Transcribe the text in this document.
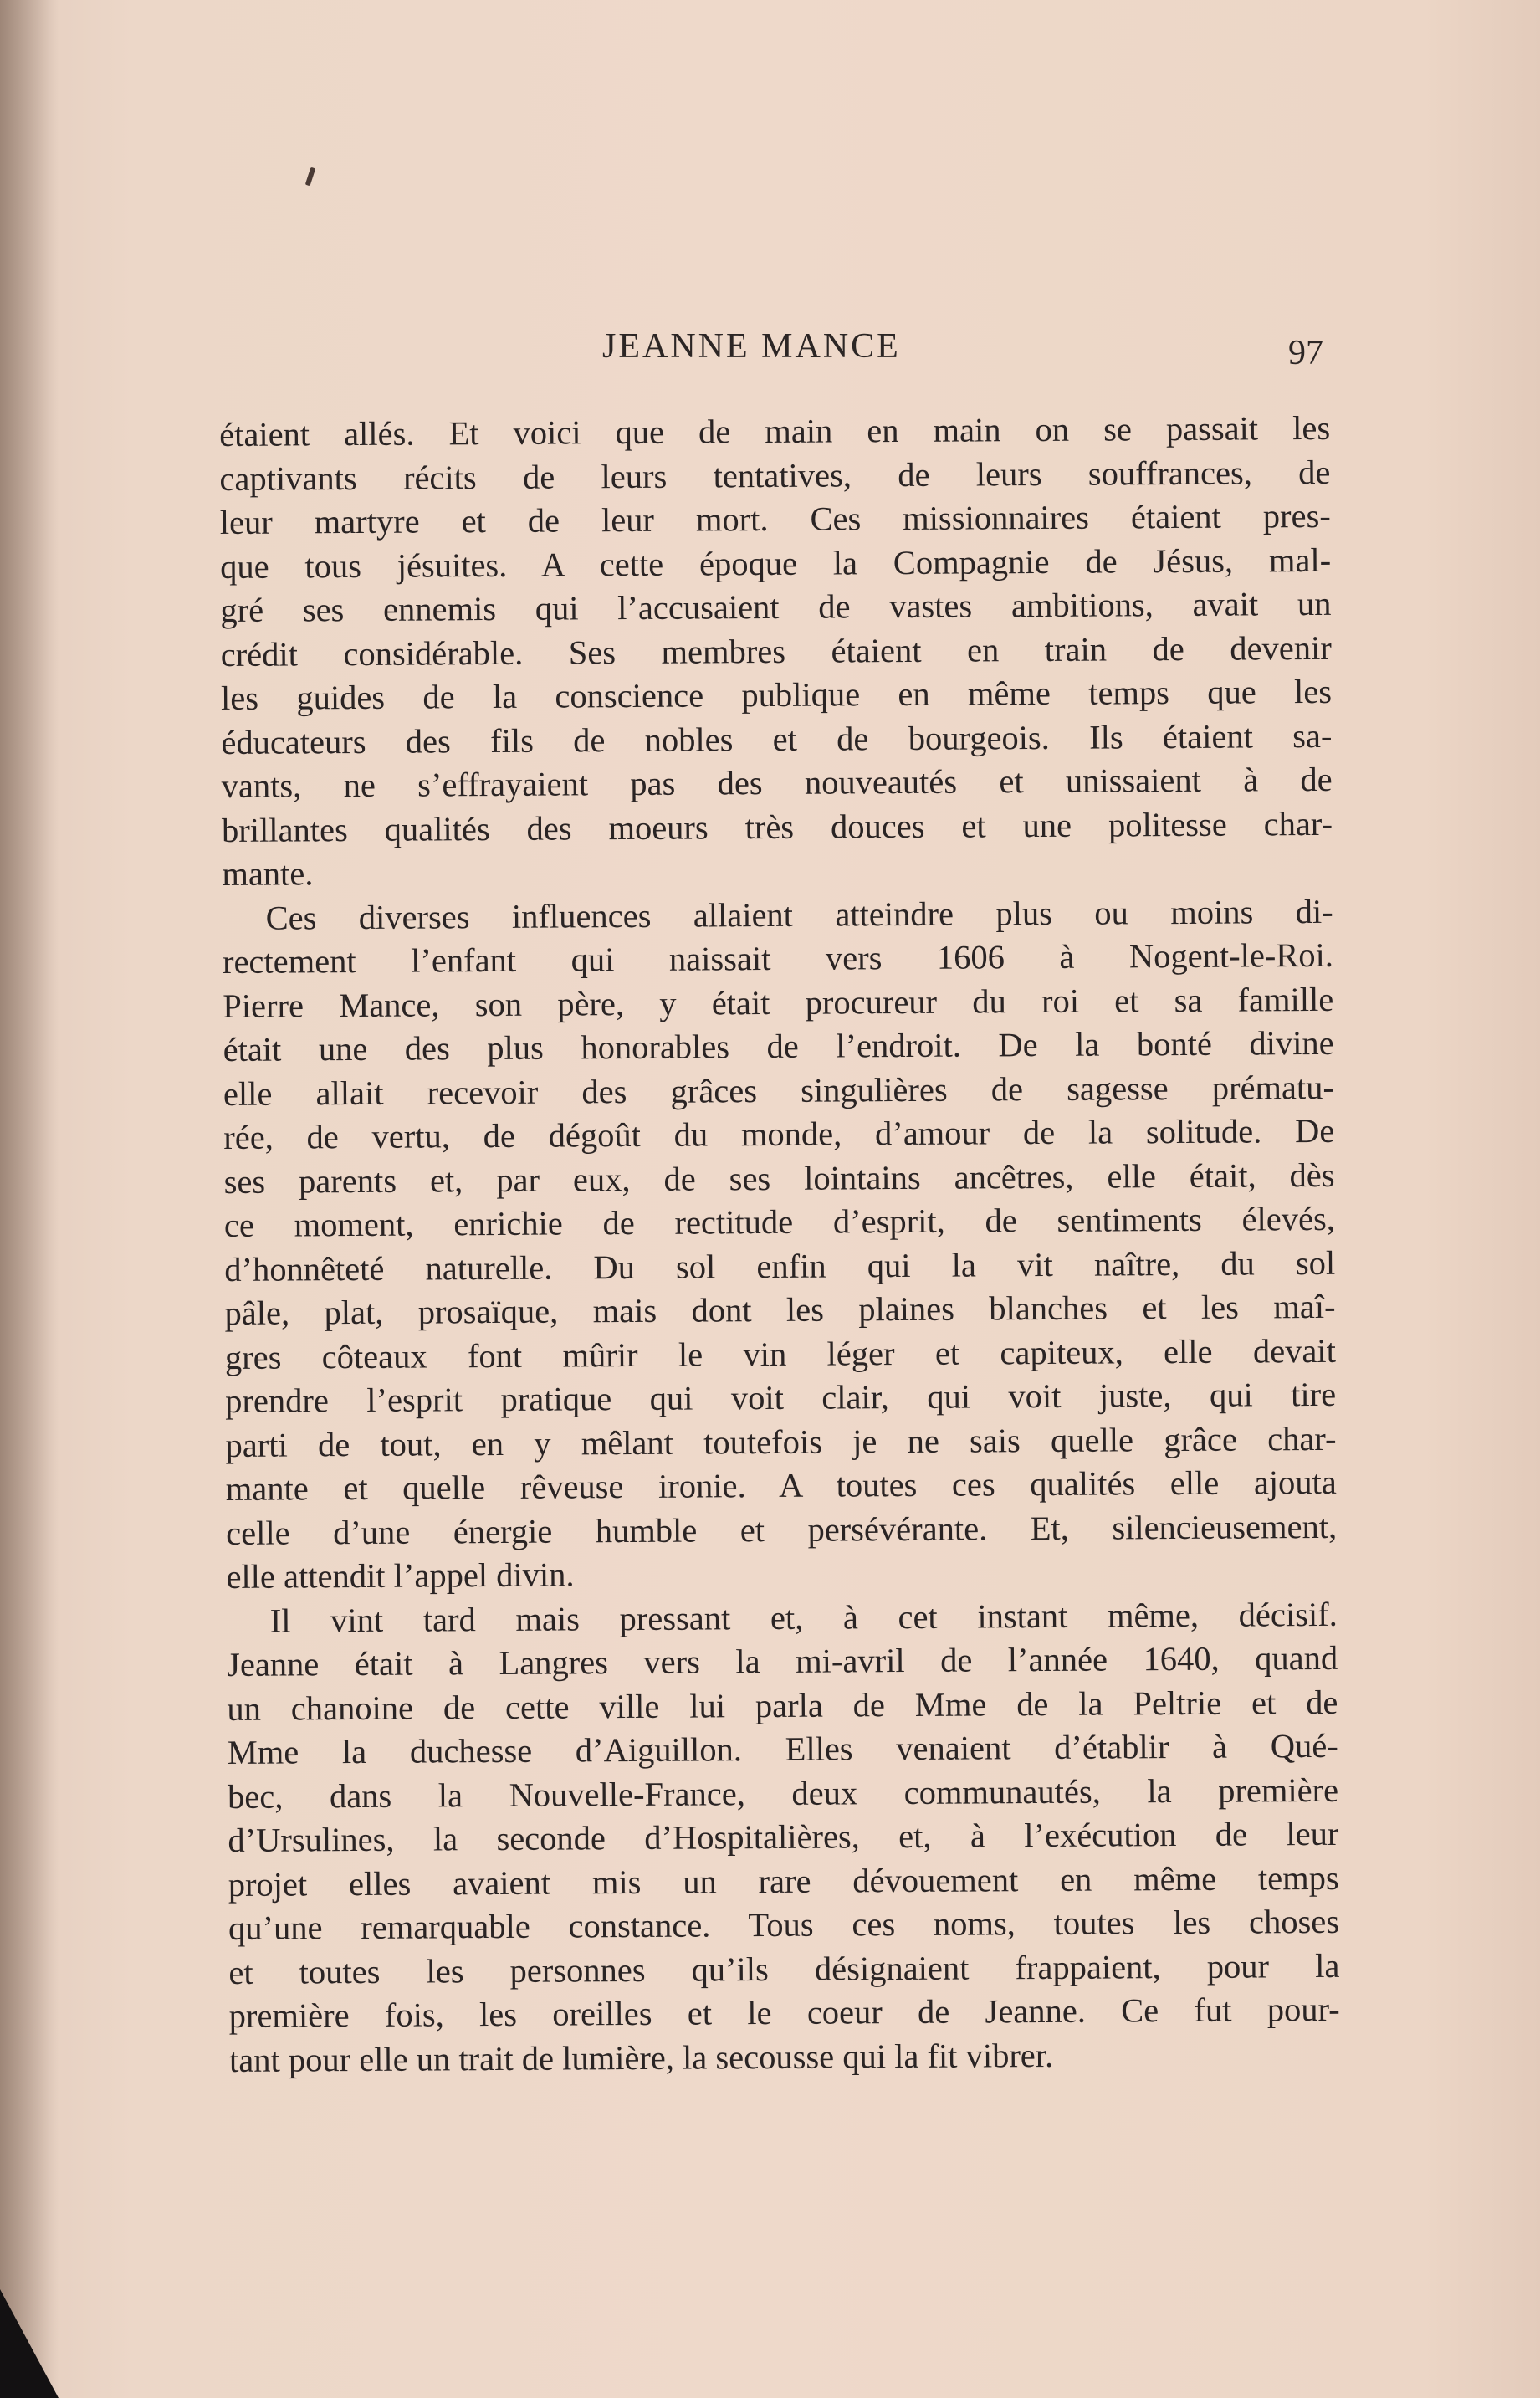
JEANNE MANCE	97

étaient allés. Et voici que de main en main on se passait les
captivants récits de leurs tentatives, de leurs souffrances, de
leur martyre et de leur mort. Ces missionnaires étaient pres-
que tous jésuites. A cette époque la Compagnie de Jésus, mal-
gré ses ennemis qui l’accusaient de vastes ambitions, avait un
crédit considérable. Ses membres étaient en train de devenir
les guides de la conscience publique en même temps que les
éducateurs des fils de nobles et de bourgeois. Ils étaient sa-
vants, ne s’effrayaient pas des nouveautés et unissaient à de
brillantes qualités des moeurs très douces et une politesse char-
mante.

Ces diverses influences allaient atteindre plus ou moins di-
rectement l’enfant qui naissait vers 1606 à Nogent-le-Roi.
Pierre Mance, son père, y était procureur du roi et sa famille
était une des plus honorables de l’endroit. De la bonté divine
elle allait recevoir des grâces singulières de sagesse prématu-
rée, de vertu, de dégoût du monde, d’amour de la solitude. De
ses parents et, par eux, de ses lointains ancêtres, elle était, dès
ce moment, enrichie de rectitude d’esprit, de sentiments élevés,
d’honnêteté naturelle. Du sol enfin qui la vit naître, du sol
pâle, plat, prosaïque, mais dont les plaines blanches et les maî-
gres côteaux font mûrir le vin léger et capiteux, elle devait
prendre l’esprit pratique qui voit clair, qui voit juste, qui tire
parti de tout, en y mêlant toutefois je ne sais quelle grâce char-
mante et quelle rêveuse ironie. A toutes ces qualités elle ajouta
celle d’une énergie humble et persévérante. Et, silencieusement,
elle attendit l’appel divin.

Il vint tard mais pressant et, à cet instant même, décisif.
Jeanne était à Langres vers la mi-avril de l’année 1640, quand
un chanoine de cette ville lui parla de Mme de la Peltrie et de
Mme la duchesse d’Aiguillon. Elles venaient d’établir à Qué-
bec, dans la Nouvelle-France, deux communautés, la première
d’Ursulines, la seconde d’Hospitalières, et, à l’exécution de leur
projet elles avaient mis un rare dévouement en même temps
qu’une remarquable constance. Tous ces noms, toutes les choses
et toutes les personnes qu’ils désignaient frappaient, pour la
première fois, les oreilles et le coeur de Jeanne. Ce fut pour-
tant pour elle un trait de lumière, la secousse qui la fit vibrer.
